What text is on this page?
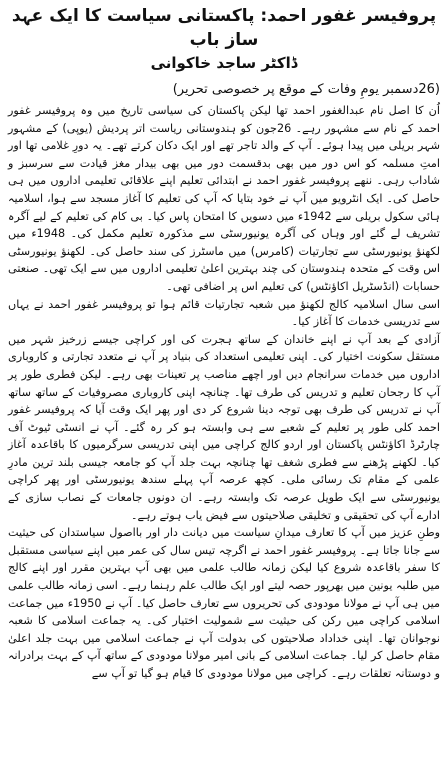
پروفیسر غفور احمد: پاکستانی سیاست کا ایک عہد ساز باب
ڈاکٹر ساجد خاکوانی
(26دسمبر یومِ وفات کے موقع پر خصوصی تحریر)

اُن کا اصل نام عبدالغفور احمد تھا لیکن پاکستان کی سیاسی تاریخ میں وہ پروفیسر غفور احمد کے نام سے مشہور رہے۔ 26جون کو ہندوستانی ریاست اتر پردیش (یوپی) کے مشہور شہر بریلی میں پیدا ہوئے۔ آپ کے والد تاجر تھے اور ایک دکان کرتے تھے۔ یہ دورِ غلامی تھا اور امتِ مسلمہ کو اس دور میں بھی بدقسمت دور میں بھی بیدار مغز قیادت سے سرسبز و شاداب رہی۔ ننھے پروفیسر غفور احمد نے ابتدائی تعلیم اپنے علاقائی تعلیمی اداروں میں ہی حاصل کی۔ ایک انٹرویو میں آپ نے خود بتایا کہ آپ کی تعلیم کا آغاز مسجد سے ہوا، اسلامیہ ہائی سکول بریلی سے 1942ء میں دسویں کا امتحان پاس کیا۔ بی کام کی تعلیم کے لیے آگرہ تشریف لے گئے اور وہاں کی آگرہ یونیورسٹی سے مذکورہ تعلیم مکمل کی۔ 1948ء میں لکھنؤ یونیورسٹی سے تجارتیات (کامرس) میں ماسٹرز کی سند حاصل کی۔ لکھنؤ یونیورسٹی اس وقت کے متحدہ ہندوستان کی چند بہترین اعلیٰ تعلیمی اداروں میں سے ایک تھی۔ صنعتی حسابات (انڈسٹریل اکاؤنٹس) کی تعلیم اس پر اضافی تھی۔

اسی سال اسلامیہ کالج لکھنؤ میں شعبہ تجارتیات قائم ہوا تو پروفیسر غفور احمد نے یہاں سے تدریسی خدمات کا آغاز کیا۔

آزادی کے بعد آپ نے اپنے خاندان کے ساتھ ہجرت کی اور کراچی جیسے زرخیز شہر میں مستقل سکونت اختیار کی۔ اپنی تعلیمی استعداد کی بنیاد پر آپ نے متعدد تجارتی و کاروباری اداروں میں خدمات سرانجام دیں اور اچھے مناصب پر تعینات بھی رہے۔ لیکن فطری طور پر آپ کا رجحان تعلیم و تدریس کی طرف تھا۔ چنانچہ اپنی کاروباری مصروفیات کے ساتھ ساتھ آپ نے تدریس کی طرف بھی توجہ دینا شروع کر دی اور پھر ایک وقت آیا کہ پروفیسر غفور احمد کلی طور پر تعلیم کے شعبے سے ہی وابستہ ہو کر رہ گئے۔ آپ نے انسٹی ٹیوٹ آف چارٹرڈ اکاؤنٹس پاکستان اور اردو کالج کراچی میں اپنی تدریسی سرگرمیوں کا باقاعدہ آغاز کیا۔ لکھنے پڑھنے سے فطری شغف تھا چنانچہ بہت جلد آپ کو جامعہ جیسی بلند ترین مادرِ علمی کے مقام تک رسائی ملی۔ کچھ عرصہ آپ پہلے سندھ یونیورسٹی اور پھر کراچی یونیورسٹی سے ایک طویل عرصہ تک وابستہ رہے۔ ان دونوں جامعات کے نصاب سازی کے ادارے آپ کی تحقیقی و تخلیقی صلاحیتوں سے فیض یاب ہوتے رہے۔

وطنِ عزیز میں آپ کا تعارف میدانِ سیاست میں دیانت دار اور بااصول سیاستدان کی حیثیت سے جانا جاتا ہے۔ پروفیسر غفور احمد نے اگرچہ تیس سال کی عمر میں اپنے سیاسی مستقبل کا سفر باقاعدہ شروع کیا لیکن زمانہ طالب علمی میں بھی آپ بہترین مقرر اور اپنے کالج میں طلبہ یونین میں بھرپور حصہ لیتے اور ایک طالب علم رہنما رہے۔ اسی زمانہ طالب علمی میں ہی آپ نے مولانا مودودی کی تحریروں سے تعارف حاصل کیا۔ آپ نے 1950ء میں جماعت اسلامی کراچی میں رکن کی حیثیت سے شمولیت اختیار کی۔ یہ جماعت اسلامی کا شعبہ نوجوانان تھا۔ اپنی خداداد صلاحیتوں کی بدولت آپ نے جماعت اسلامی میں بہت جلد اعلیٰ مقام حاصل کر لیا۔ جماعت اسلامی کے بانی امیر مولانا مودودی کے ساتھ آپ کے بہت برادرانہ و دوستانہ تعلقات رہے۔ کراچی میں مولانا مودودی کا قیام ہو گیا تو آپ سے
